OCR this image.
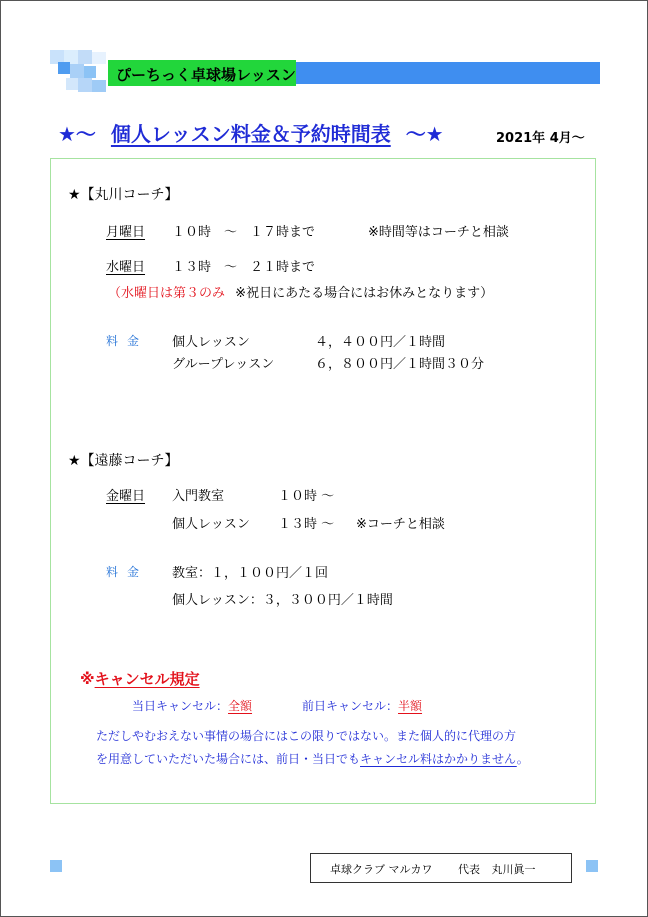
ぴーちっく卓球場レッスン
★～ 個人レッスン料金＆予約時間表 ～★	2021年 4月～
★【丸川コーチ】
月曜日 １０時　～　１７時まで	※時間等はコーチと相談
水曜日 １３時　～　２１時まで
（水曜日は第３のみ ※祝日にあたる場合にはお休みとなります）
料金 個人レッスン	４，４００円／１時間
グループレッスン	６，８００円／１時間３０分
★【遠藤コーチ】
金曜日 入門教室	１０時 ～
個人レッスン １３時 ～ ※コーチと相談
料金 教室：１，１００円／１回
個人レッスン：３，３００円／１時間
※キャンセル規定
当日キャンセル：全額	前日キャンセル：半額
ただしやむおえない事情の場合にはこの限りではない。また個人的に代理の方
を用意していただいた場合には、前日・当日でもキャンセル料はかかりません。
卓球クラブ マルカワ 代表 丸川眞一
